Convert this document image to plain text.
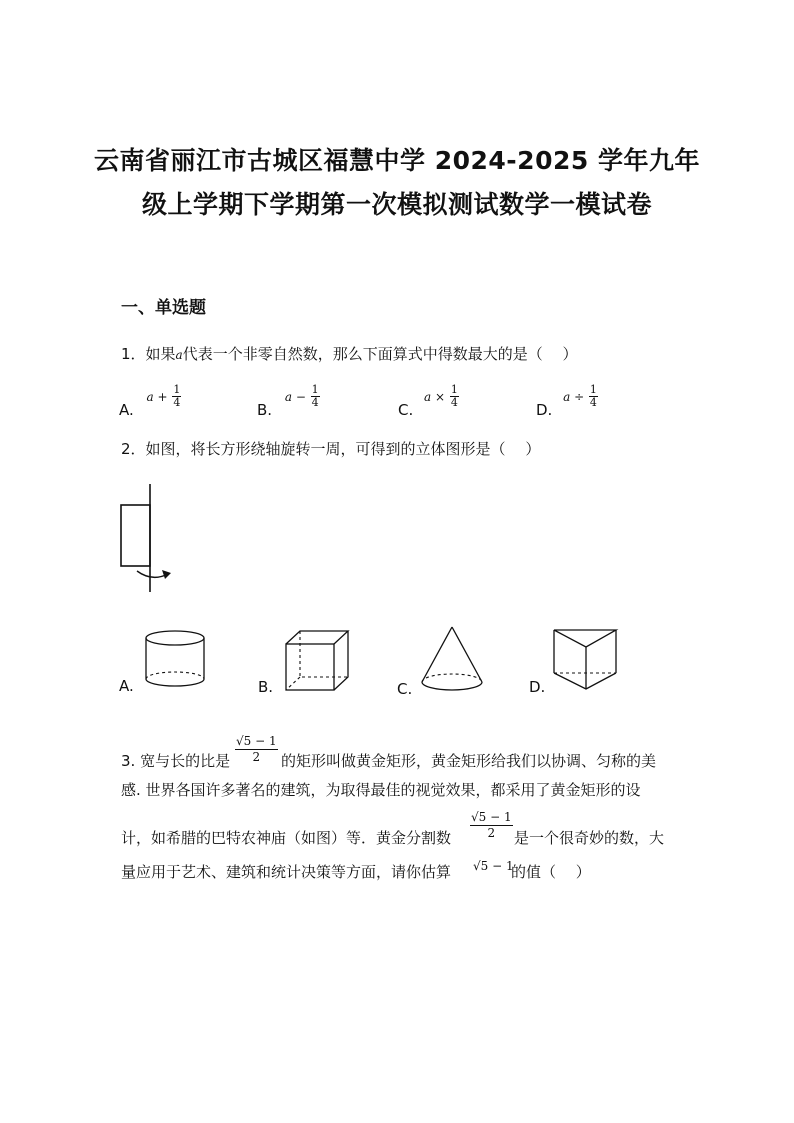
云南省丽江市古城区福慧中学 2024-2025 学年九年
级上学期下学期第一次模拟测试数学一模试卷
一、单选题
1．如果a代表一个非零自然数，那么下面算式中得数最大的是（　 ）
A. $^{a +} \frac{1}{4}$
B. $^{a -} \frac{1}{4}$
C. $^{a \times} \frac{1}{4}$
D. $^{a \div} \frac{1}{4}$
2．如图，将长方形绕轴旋转一周，可得到的立体图形是（　 ）
A.	B.	C.	D.
3. 宽与长的比是 $\frac{√5 - 1}{2}$ 的矩形叫做黄金矩形，黄金矩形给我们以协调、匀称的美
感. 世界各国许多著名的建筑，为取得最佳的视觉效果，都采用了黄金矩形的设
计，如希腊的巴特农神庙（如图）等．黄金分割数 $\frac{√5 - 1}{2}$ 是一个很奇妙的数，大
量应用于艺术、建筑和统计决策等方面，请你估算 √5 − 1
的值（　 ）
